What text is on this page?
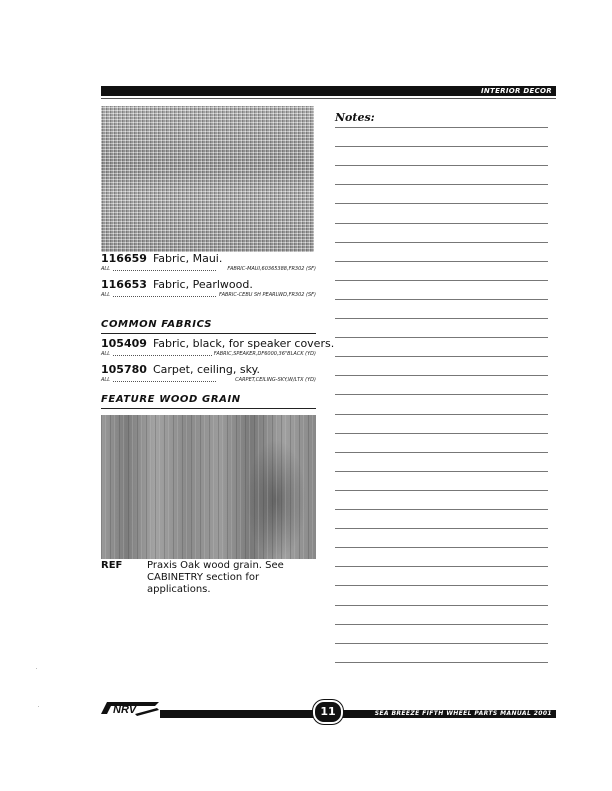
INTERIOR DECOR
116659 Fabric, Maui.
ALL	FABRIC-MAUI,60365388,FR302 (SF)
116653 Fabric, Pearlwood.
ALL	FABRIC-CEBU SH PEARLWD,FR302 (SF)
COMMON FABRICS
105409 Fabric, black, for speaker covers.
ALL	FABRIC,SPEAKER,DF6000,36"BLACK (YD)
105780 Carpet, ceiling, sky.
ALL	CARPET,CEILING-SKY,W/LTX (YD)
FEATURE WOOD GRAIN
REF Praxis Oak wood grain. See CABINETRY section for applications.
Notes:
NRV	SEA BREEZE FIFTH WHEEL PARTS MANUAL 2001
11
